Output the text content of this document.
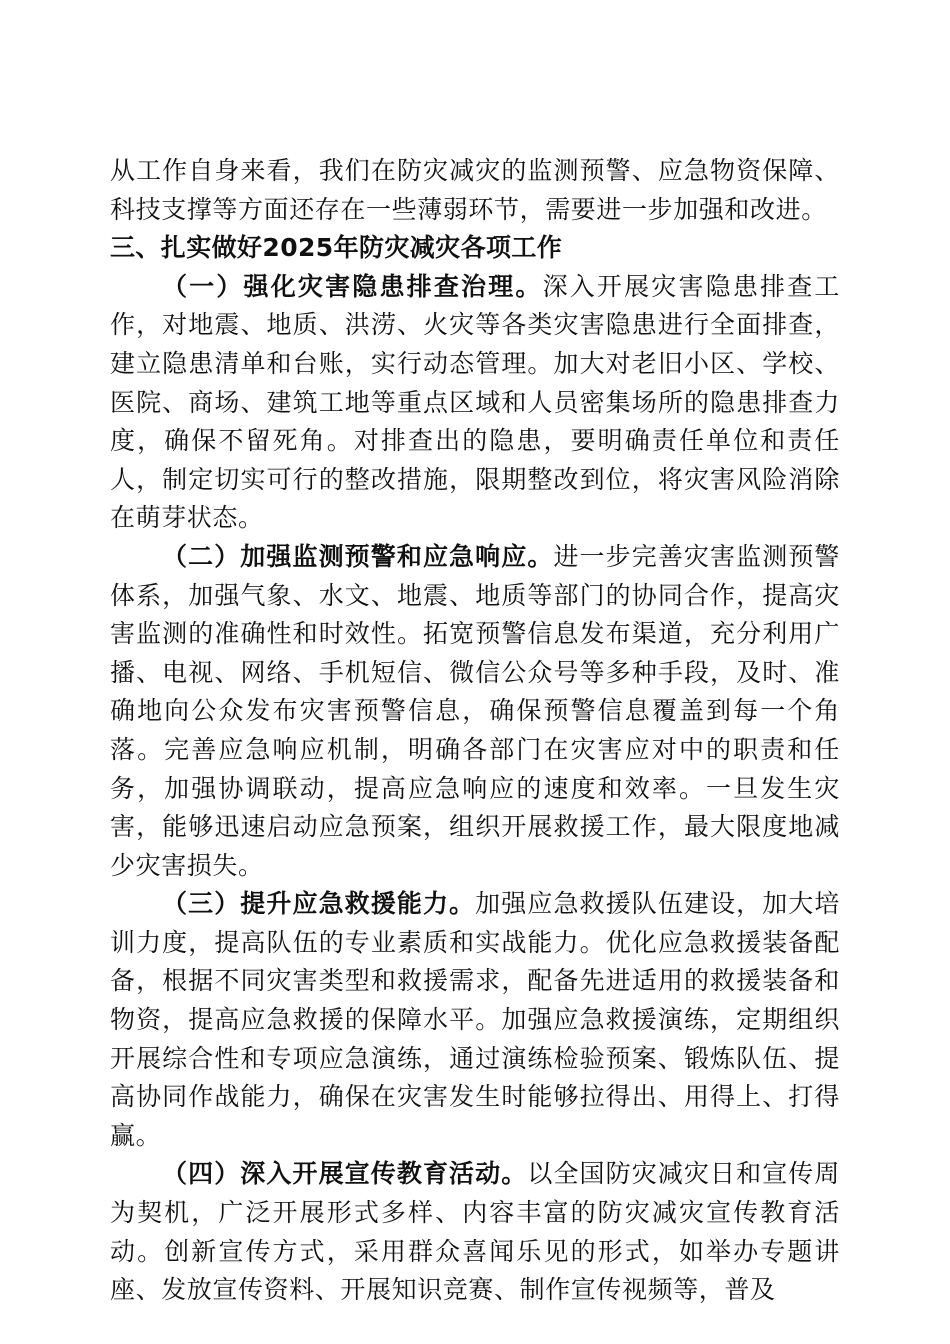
从工作自身来看，我们在防灾减灾的监测预警、应急物资保障、科技支撑等方面还存在一些薄弱环节，需要进一步加强和改进。

三、扎实做好2025年防灾减灾各项工作

（一）强化灾害隐患排查治理。深入开展灾害隐患排查工作，对地震、地质、洪涝、火灾等各类灾害隐患进行全面排查，建立隐患清单和台账，实行动态管理。加大对老旧小区、学校、医院、商场、建筑工地等重点区域和人员密集场所的隐患排查力度，确保不留死角。对排查出的隐患，要明确责任单位和责任人，制定切实可行的整改措施，限期整改到位，将灾害风险消除在萌芽状态。

（二）加强监测预警和应急响应。进一步完善灾害监测预警体系，加强气象、水文、地震、地质等部门的协同合作，提高灾害监测的准确性和时效性。拓宽预警信息发布渠道，充分利用广播、电视、网络、手机短信、微信公众号等多种手段，及时、准确地向公众发布灾害预警信息，确保预警信息覆盖到每一个角落。完善应急响应机制，明确各部门在灾害应对中的职责和任务，加强协调联动，提高应急响应的速度和效率。一旦发生灾害，能够迅速启动应急预案，组织开展救援工作，最大限度地减少灾害损失。

（三）提升应急救援能力。加强应急救援队伍建设，加大培训力度，提高队伍的专业素质和实战能力。优化应急救援装备配备，根据不同灾害类型和救援需求，配备先进适用的救援装备和物资，提高应急救援的保障水平。加强应急救援演练，定期组织开展综合性和专项应急演练，通过演练检验预案、锻炼队伍、提高协同作战能力，确保在灾害发生时能够拉得出、用得上、打得赢。

（四）深入开展宣传教育活动。以全国防灾减灾日和宣传周为契机，广泛开展形式多样、内容丰富的防灾减灾宣传教育活动。创新宣传方式，采用群众喜闻乐见的形式，如举办专题讲座、发放宣传资料、开展知识竞赛、制作宣传视频等，普及
